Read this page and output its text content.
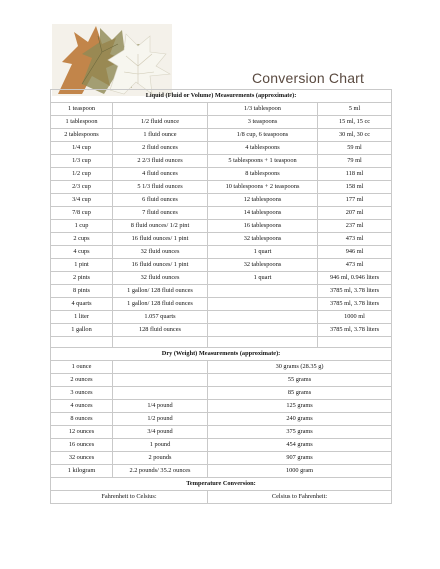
Conversion Chart
Liquid (Fluid or Volume) Measurements (approximate):			
1 teaspoon		1/3 tablespoon	5 ml
1 tablespoon	1/2 fluid ounce	3 teaspoons	15 ml, 15 cc
2 tablespoons	1 fluid ounce	1/8 cup, 6 teaspoons	30 ml, 30 cc
1/4 cup	2 fluid ounces	4 tablespoons	59 ml
1/3 cup	2 2/3 fluid ounces	5 tablespoons + 1 teaspoon	79 ml
1/2 cup	4 fluid ounces	8 tablespoons	118 ml
2/3 cup	5 1/3 fluid ounces	10 tablespoons + 2 teaspoons	158 ml
3/4 cup	6 fluid ounces	12 tablespoons	177 ml
7/8 cup	7 fluid ounces	14 tablespoons	207 ml
1 cup	8 fluid ounces/ 1/2 pint	16 tablespoons	237 ml
2 cups	16 fluid ounces/ 1 pint	32 tablespoons	473 ml
4 cups	32 fluid ounces	1 quart	946 ml
1 pint	16 fluid ounces/ 1 pint	32 tablespoons	473 ml
2 pints	32 fluid ounces	1 quart	946 ml, 0.946 liters
8 pints	1 gallon/ 128 fluid ounces		3785 ml, 3.78 liters
4 quarts	1 gallon/ 128 fluid ounces		3785 ml, 3.78 liters
1 liter	1.057 quarts		1000 ml
1 gallon	128 fluid ounces		3785 ml, 3.78 liters

Dry (Weight) Measurements (approximate):			
1 ounce		30 grams (28.35 g)	
2 ounces		55 grams	
3 ounces		85 grams	
4 ounces	1/4 pound	125 grams	
8 ounces	1/2 pound	240 grams	
12 ounces	3/4 pound	375 grams	
16 ounces	1 pound	454 grams	
32 ounces	2 pounds	907 grams	
1 kilogram	2.2 pounds/ 35.2 ounces	1000 gram	
Temperature Conversion:			
Fahrenheit to Celsius:		Celsius to Fahrenheit:	
